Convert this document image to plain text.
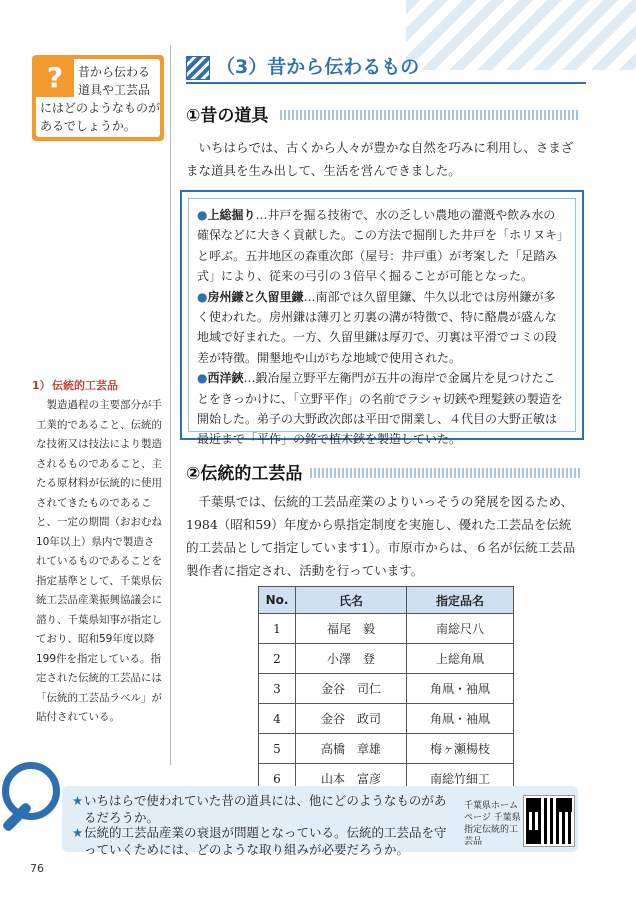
?	昔から伝わる道具や工芸品
にはどのようなものがあるでしょうか。
（3）昔から伝わるもの
①昔の道具

いちはらでは、古くから人々が豊かな自然を巧みに利用し、さまざまな道具を生み出して、生活を営んできました。

●上総掘り…井戸を掘る技術で、水の乏しい農地の灌漑や飲み水の確保などに大きく貢献した。この方法で掘削した井戸を「ホリヌキ」と呼ぶ。五井地区の森重次郎（屋号：井戸重）が考案した「足踏み式」により、従来の弓引の３倍早く掘ることが可能となった。

●房州鎌と久留里鎌…南部では久留里鎌、牛久以北では房州鎌が多く使われた。房州鎌は薄刃と刃裏の溝が特徴で、特に酪農が盛んな地域で好まれた。一方、久留里鎌は厚刃で、刃裏は平滑でコミの段差が特徴。開墾地や山がちな地域で使用された。

●西洋鋏…鍛冶屋立野平左衛門が五井の海岸で金属片を見つけたことをきっかけに、「立野平作」の名前でラシャ切鋏や理髪鋏の製造を開始した。弟子の大野政次郎は平田で開業し、４代目の大野正敏は最近まで「平作」の銘で植木鋏を製造していた。

②伝統的工芸品

千葉県では、伝統的工芸品産業のよりいっそうの発展を図るため、1984（昭和59）年度から県指定制度を実施し、優れた工芸品を伝統的工芸品として指定しています1）。市原市からは、６名が伝統工芸品製作者に指定され、活動を行っています。

No.	氏名	指定品名
1	福尾　毅	南総尺八
2	小澤　登	上総角凧
3	金谷　司仁	角凧・袖凧
4	金谷　政司	角凧・袖凧
5	高橋　章雄	梅ヶ瀬楊枝
6	山本　富彦	南総竹細工
1） 伝統的工芸品

製造過程の主要部分が手工業的であること、伝統的な技術又は技法により製造されるものであること、主たる原材料が伝統的に使用されてきたものであること、一定の期間（おおむね10年以上）県内で製造されているものであることを指定基準として、千葉県伝統工芸品産業振興協議会に諮り、千葉県知事が指定しており、昭和59年度以降199件を指定している。指定された伝統的工芸品には「伝統的工芸品ラベル」が貼付されている。

★ いちはらで使われていた昔の道具には、他にどのようなものがあるだろうか。

★ 伝統的工芸品産業の衰退が問題となっている。伝統的工芸品を守っていくためには、どのような取り組みが必要だろうか。

千葉県ホームページ 千葉県指定伝統的工芸品
76
